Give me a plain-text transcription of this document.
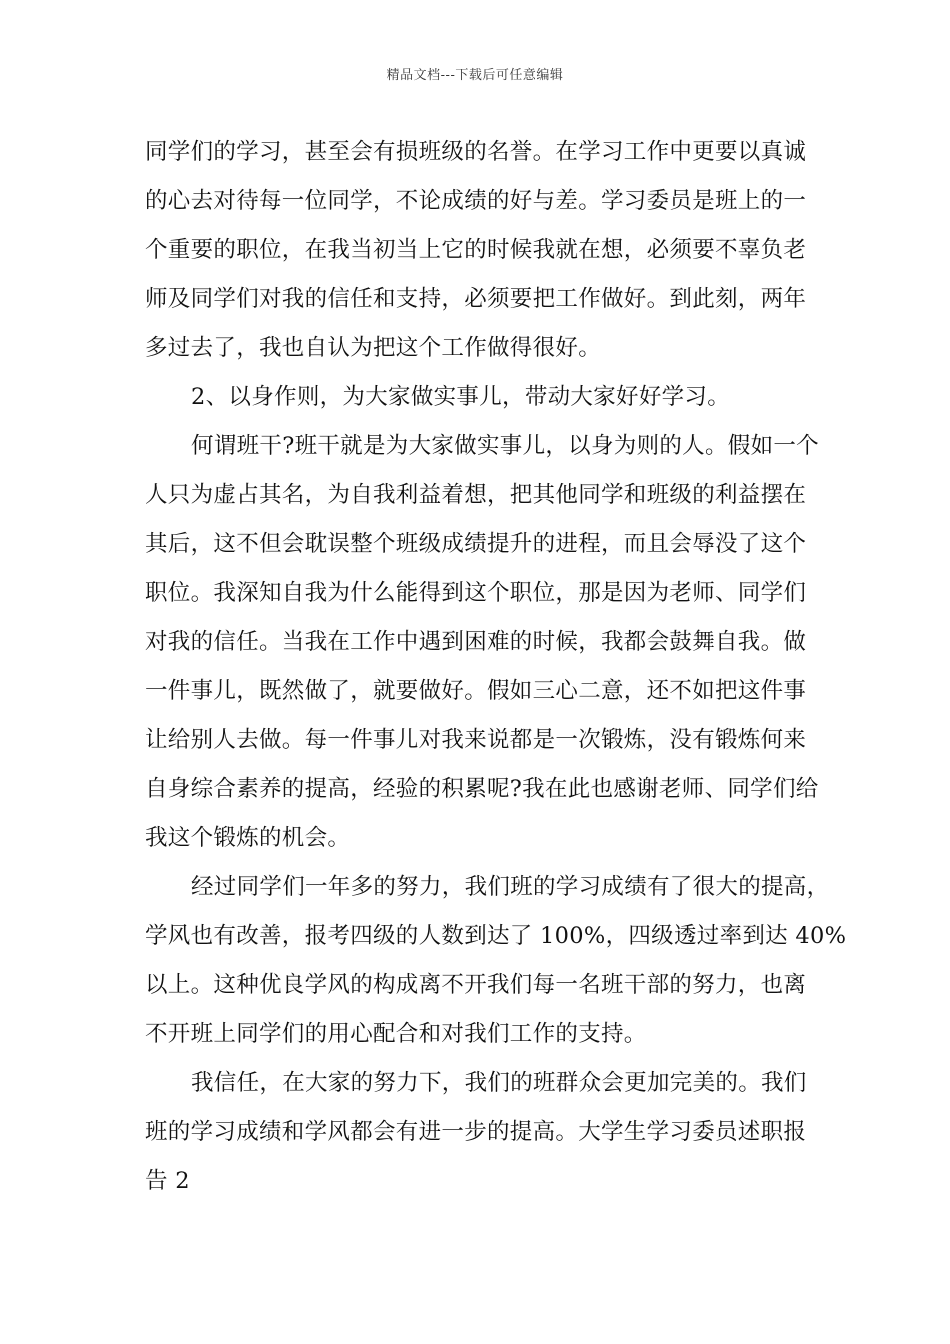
精品文档---下载后可任意编辑
同学们的学习，甚至会有损班级的名誉。在学习工作中更要以真诚
的心去对待每一位同学，不论成绩的好与差。学习委员是班上的一
个重要的职位，在我当初当上它的时候我就在想，必须要不辜负老
师及同学们对我的信任和支持，必须要把工作做好。到此刻，两年
多过去了，我也自认为把这个工作做得很好。
2、以身作则，为大家做实事儿，带动大家好好学习。
何谓班干?班干就是为大家做实事儿，以身为则的人。假如一个
人只为虚占其名，为自我利益着想，把其他同学和班级的利益摆在
其后，这不但会耽误整个班级成绩提升的进程，而且会辱没了这个
职位。我深知自我为什么能得到这个职位，那是因为老师、同学们
对我的信任。当我在工作中遇到困难的时候，我都会鼓舞自我。做
一件事儿，既然做了，就要做好。假如三心二意，还不如把这件事
让给别人去做。每一件事儿对我来说都是一次锻炼，没有锻炼何来
自身综合素养的提高，经验的积累呢?我在此也感谢老师、同学们给
我这个锻炼的机会。
经过同学们一年多的努力，我们班的学习成绩有了很大的提高，
学风也有改善，报考四级的人数到达了 100%，四级透过率到达 40%
以上。这种优良学风的构成离不开我们每一名班干部的努力，也离
不开班上同学们的用心配合和对我们工作的支持。
我信任，在大家的努力下，我们的班群众会更加完美的。我们
班的学习成绩和学风都会有进一步的提高。大学生学习委员述职报
告 2
